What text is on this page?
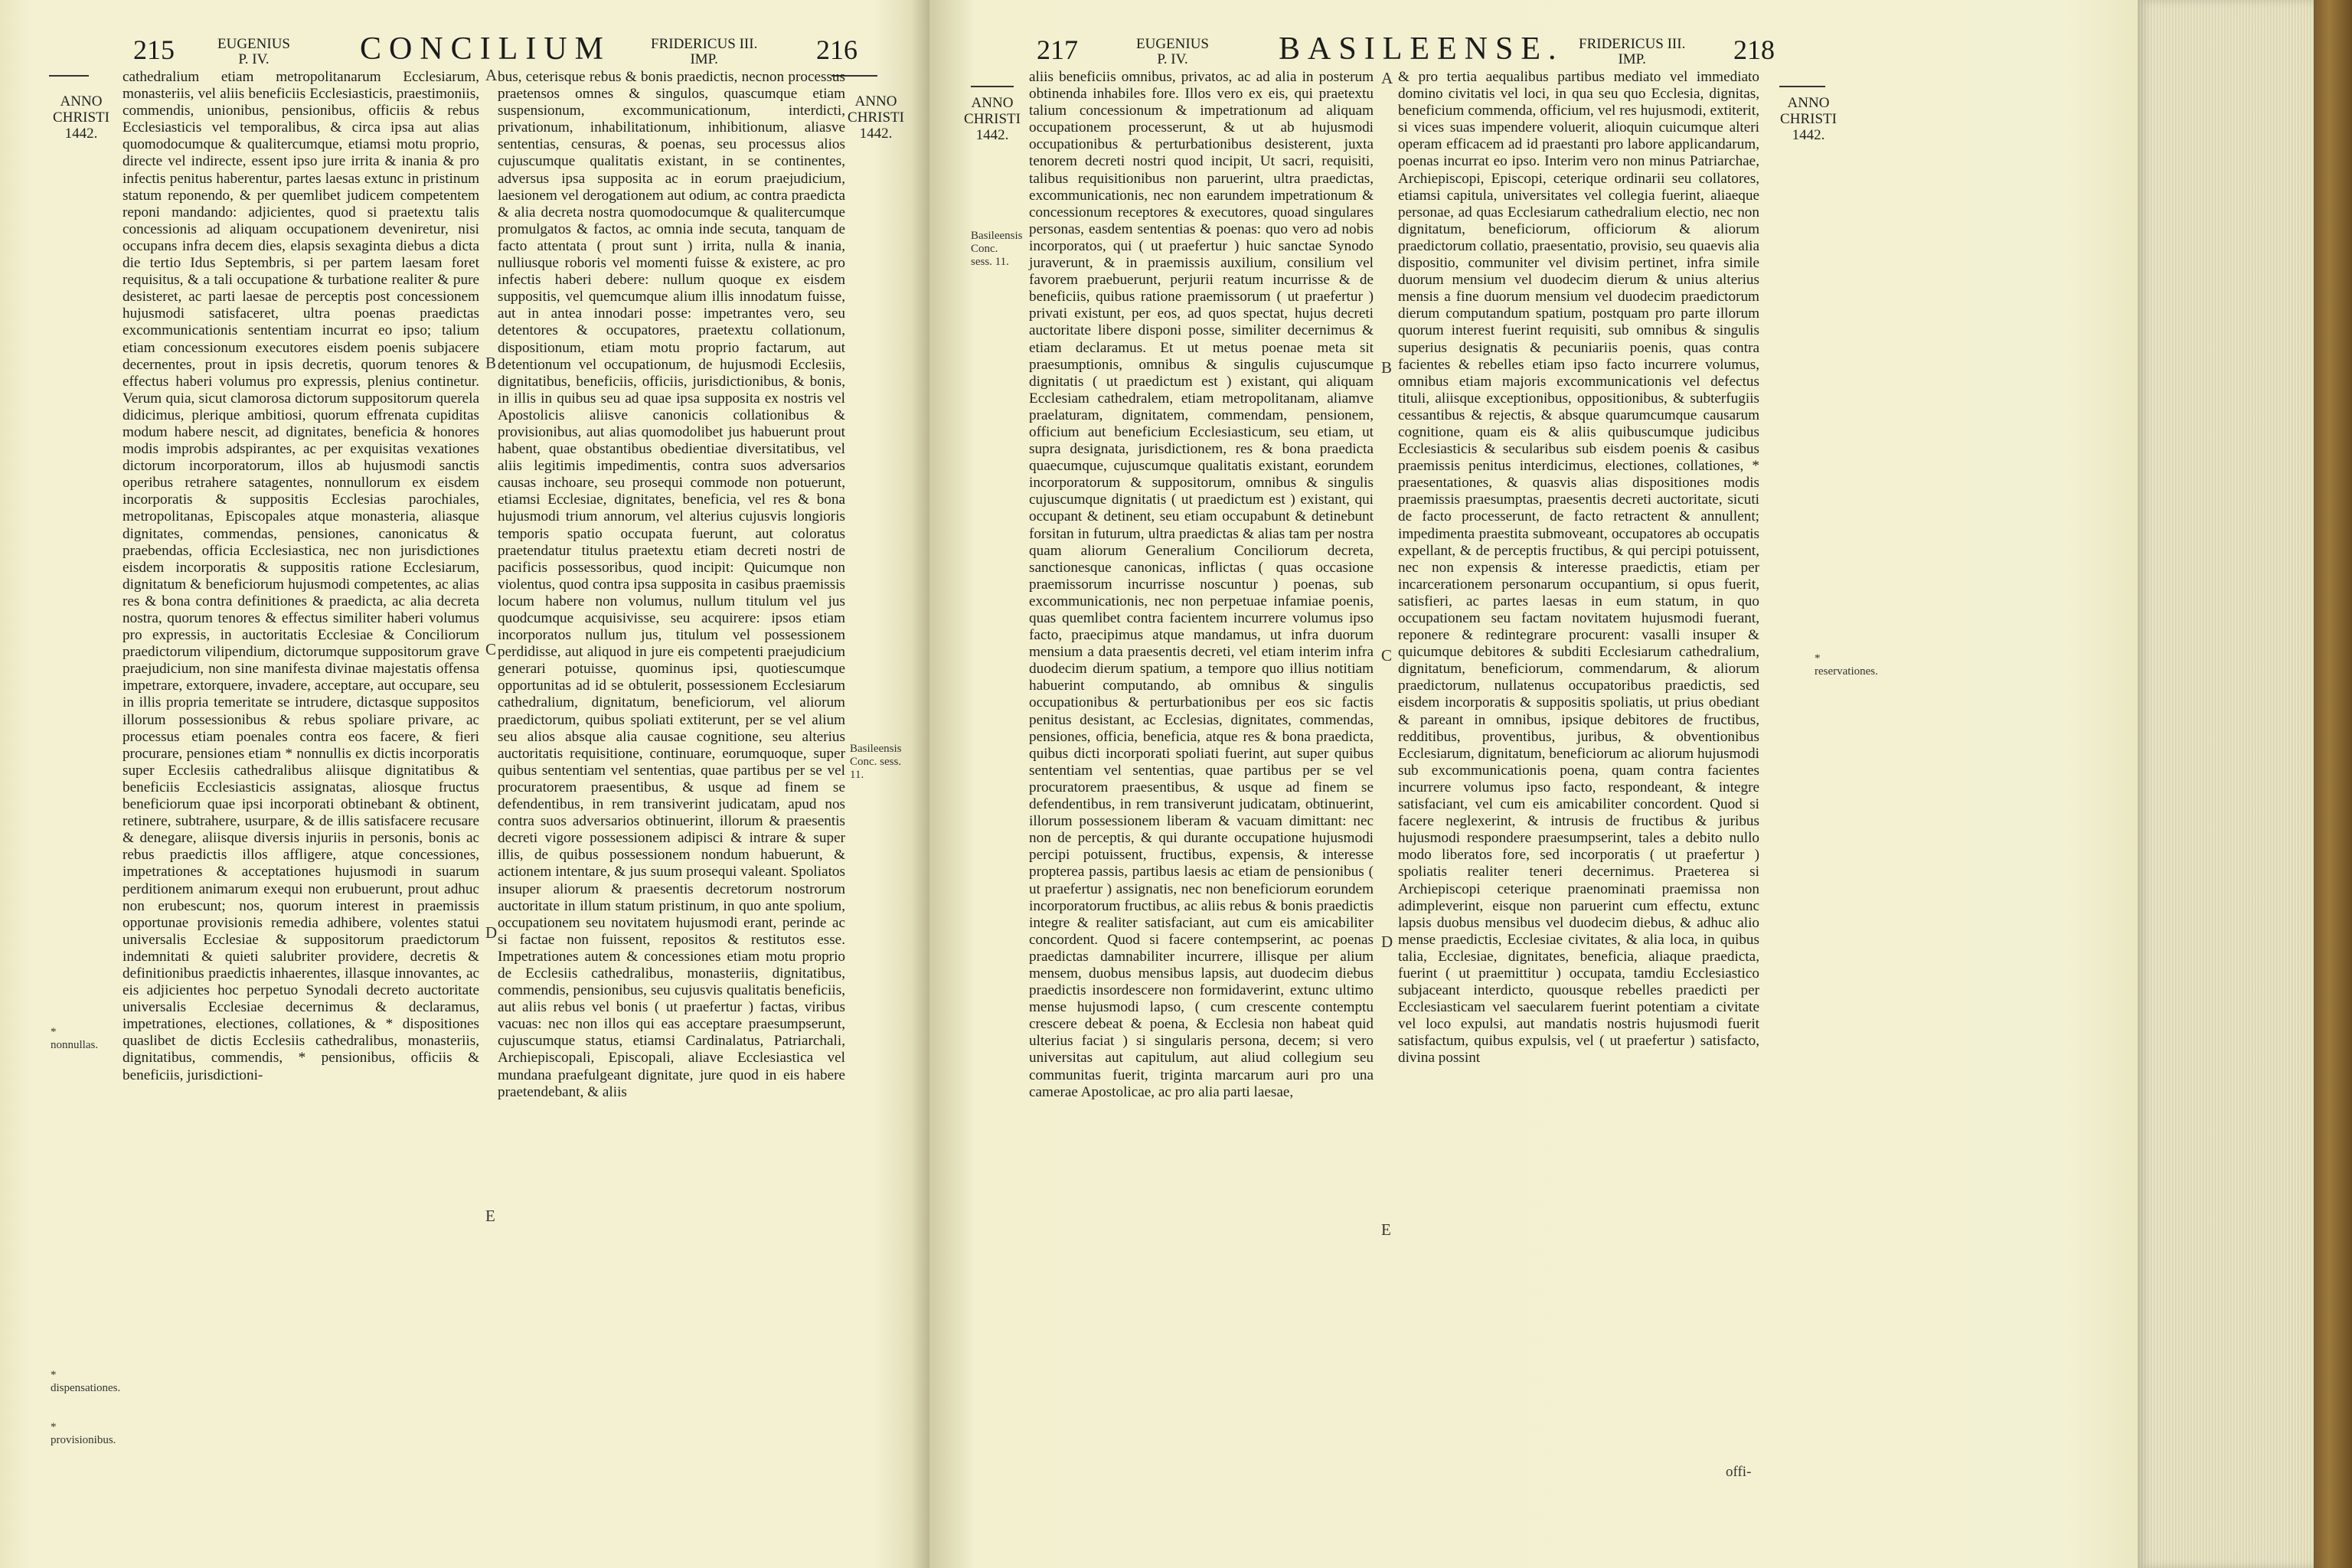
215	EUGENIUS
P. IV.	CONCILIUM	FRIDERICUS III.
IMP.	216
ANNO CHRISTI 1442.
ANNO CHRISTI 1442.
* nonnullas.
* dispensationes.
* provisionibus.
Basileensis Conc. sess. 11.
A
B
C
D
E

cathedralium etiam metropolitanarum Ecclesiarum, monasteriis, vel aliis beneficiis Ecclesiasticis, praestimoniis, commendis, unionibus, pensionibus, officiis & rebus Ecclesiasticis vel temporalibus, & circa ipsa aut alias quomodocumque & qualitercumque, etiamsi motu proprio, directe vel indirecte, essent ipso jure irrita & inania & pro infectis penitus haberentur, partes laesas extunc in pristinum statum reponendo, & per quemlibet judicem competentem reponi mandando: adjicientes, quod si praetextu talis concessionis ad aliquam occupationem deveniretur, nisi occupans infra decem dies, elapsis sexaginta diebus a dicta die tertio Idus Septembris, si per partem laesam foret requisitus, & a tali occupatione & turbatione realiter & pure desisteret, ac parti laesae de perceptis post concessionem hujusmodi satisfaceret, ultra poenas praedictas excommunicationis sententiam incurrat eo ipso; talium etiam concessionum executores eisdem poenis subjacere decernentes, prout in ipsis decretis, quorum tenores & effectus haberi volumus pro expressis, plenius continetur. Verum quia, sicut clamorosa dictorum suppositorum querela didicimus, plerique ambitiosi, quorum effrenata cupiditas modum habere nescit, ad dignitates, beneficia & honores modis improbis adspirantes, ac per exquisitas vexationes dictorum incorporatorum, illos ab hujusmodi sanctis operibus retrahere satagentes, nonnullorum ex eisdem incorporatis & suppositis Ecclesias parochiales, metropolitanas, Episcopales atque monasteria, aliasque dignitates, commendas, pensiones, canonicatus & praebendas, officia Ecclesiastica, nec non jurisdictiones eisdem incorporatis & suppositis ratione Ecclesiarum, dignitatum & beneficiorum hujusmodi competentes, ac alias res & bona contra definitiones & praedicta, ac alia decreta nostra, quorum tenores & effectus similiter haberi volumus pro expressis, in auctoritatis Ecclesiae & Conciliorum praedictorum vilipendium, dictorumque suppositorum grave praejudicium, non sine manifesta divinae majestatis offensa impetrare, extorquere, invadere, acceptare, aut occupare, seu in illis propria temeritate se intrudere, dictasque suppositos illorum possessionibus & rebus spoliare privare, ac processus etiam poenales contra eos facere, & fieri procurare, pensiones etiam * nonnullis ex dictis incorporatis super Ecclesiis cathedralibus aliisque dignitatibus & beneficiis Ecclesiasticis assignatas, aliosque fructus beneficiorum quae ipsi incorporati obtinebant & obtinent, retinere, subtrahere, usurpare, & de illis satisfacere recusare & denegare, aliisque diversis injuriis in personis, bonis ac rebus praedictis illos affligere, atque concessiones, impetrationes & acceptationes hujusmodi in suarum perditionem animarum exequi non erubuerunt, prout adhuc non erubescunt; nos, quorum interest in praemissis opportunae provisionis remedia adhibere, volentes statui universalis Ecclesiae & suppositorum praedictorum indemnitati & quieti salubriter providere, decretis & definitionibus praedictis inhaerentes, illasque innovantes, ac eis adjicientes hoc perpetuo Synodali decreto auctoritate universalis Ecclesiae decernimus & declaramus, impetrationes, electiones, collationes, & * dispositiones quaslibet de dictis Ecclesiis cathedralibus, monasteriis, dignitatibus, commendis, * pensionibus, officiis & beneficiis, jurisdictioni-

bus, ceterisque rebus & bonis praedictis, necnon processus praetensos omnes & singulos, quascumque etiam suspensionum, excommunicationum, interdicti, privationum, inhabilitationum, inhibitionum, aliasve sententias, censuras, & poenas, seu processus alios cujuscumque qualitatis existant, in se continentes, adversus ipsa supposita ac in eorum praejudicium, laesionem vel derogationem aut odium, ac contra praedicta & alia decreta nostra quomodocumque & qualitercumque promulgatos & factos, ac omnia inde secuta, tanquam de facto attentata ( prout sunt ) irrita, nulla & inania, nulliusque roboris vel momenti fuisse & existere, ac pro infectis haberi debere: nullum quoque ex eisdem suppositis, vel quemcumque alium illis innodatum fuisse, aut in antea innodari posse: impetrantes vero, seu detentores & occupatores, praetextu collationum, dispositionum, etiam motu proprio factarum, aut detentionum vel occupationum, de hujusmodi Ecclesiis, dignitatibus, beneficiis, officiis, jurisdictionibus, & bonis, in illis in quibus seu ad quae ipsa supposita ex nostris vel Apostolicis aliisve canonicis collationibus & provisionibus, aut alias quomodolibet jus habuerunt prout habent, quae obstantibus obedientiae diversitatibus, vel aliis legitimis impedimentis, contra suos adversarios causas inchoare, seu prosequi commode non potuerunt, etiamsi Ecclesiae, dignitates, beneficia, vel res & bona hujusmodi trium annorum, vel alterius cujusvis longioris temporis spatio occupata fuerunt, aut coloratus praetendatur titulus praetextu etiam decreti nostri de pacificis possessoribus, quod incipit: Quicumque non violentus, quod contra ipsa supposita in casibus praemissis locum habere non volumus, nullum titulum vel jus quodcumque acquisivisse, seu acquirere: ipsos etiam incorporatos nullum jus, titulum vel possessionem perdidisse, aut aliquod in jure eis competenti praejudicium generari potuisse, quominus ipsi, quotiescumque opportunitas ad id se obtulerit, possessionem Ecclesiarum cathedralium, dignitatum, beneficiorum, vel aliorum praedictorum, quibus spoliati extiterunt, per se vel alium seu alios absque alia causae cognitione, seu alterius auctoritatis requisitione, continuare, eorumquoque, super quibus sententiam vel sententias, quae partibus per se vel procuratorem praesentibus, & usque ad finem se defendentibus, in rem transiverint judicatam, apud nos contra suos adversarios obtinuerint, illorum & praesentis decreti vigore possessionem adipisci & intrare & super illis, de quibus possessionem nondum habuerunt, & actionem intentare, & jus suum prosequi valeant. Spoliatos insuper aliorum & praesentis decretorum nostrorum auctoritate in illum statum pristinum, in quo ante spolium, occupationem seu novitatem hujusmodi erant, perinde ac si factae non fuissent, repositos & restitutos esse. Impetrationes autem & concessiones etiam motu proprio de Ecclesiis cathedralibus, monasteriis, dignitatibus, commendis, pensionibus, seu cujusvis qualitatis beneficiis, aut aliis rebus vel bonis ( ut praefertur ) factas, viribus vacuas: nec non illos qui eas acceptare praesumpserunt, cujuscumque status, etiamsi Cardinalatus, Patriarchali, Archiepiscopali, Episcopali, aliave Ecclesiastica vel mundana praefulgeant dignitate, jure quod in eis habere praetendebant, & aliis

217	EUGENIUS
P. IV.	BASILEENSE. FRIDERICUS III.
IMP.	218
ANNO CHRISTI 1442.
ANNO CHRISTI 1442.
Basileensis Conc. sess. 11.
* reservationes.
A
B
C
D
E

aliis beneficiis omnibus, privatos, ac ad alia in posterum obtinenda inhabiles fore. Illos vero ex eis, qui praetextu talium concessionum & impetrationum ad aliquam occupationem processerunt, & ut ab hujusmodi occupationibus & perturbationibus desisterent, juxta tenorem decreti nostri quod incipit, Ut sacri, requisiti, talibus requisitionibus non paruerint, ultra praedictas, excommunicationis, nec non earundem impetrationum & concessionum receptores & executores, quoad singulares personas, easdem sententias & poenas: quo vero ad nobis incorporatos, qui ( ut praefertur ) huic sanctae Synodo juraverunt, & in praemissis auxilium, consilium vel favorem praebuerunt, perjurii reatum incurrisse & de beneficiis, quibus ratione praemissorum ( ut praefertur ) privati existunt, per eos, ad quos spectat, hujus decreti auctoritate libere disponi posse, similiter decernimus & etiam declaramus. Et ut metus poenae meta sit praesumptionis, omnibus & singulis cujuscumque dignitatis ( ut praedictum est ) existant, qui aliquam Ecclesiam cathedralem, etiam metropolitanam, aliamve praelaturam, dignitatem, commendam, pensionem, officium aut beneficium Ecclesiasticum, seu etiam, ut supra designata, jurisdictionem, res & bona praedicta quaecumque, cujuscumque qualitatis existant, eorundem incorporatorum & suppositorum, omnibus & singulis cujuscumque dignitatis ( ut praedictum est ) existant, qui occupant & detinent, seu etiam occupabunt & detinebunt forsitan in futurum, ultra praedictas & alias tam per nostra quam aliorum Generalium Conciliorum decreta, sanctionesque canonicas, inflictas ( quas occasione praemissorum incurrisse noscuntur ) poenas, sub excommunicationis, nec non perpetuae infamiae poenis, quas quemlibet contra facientem incurrere volumus ipso facto, praecipimus atque mandamus, ut infra duorum mensium a data praesentis decreti, vel etiam interim infra duodecim dierum spatium, a tempore quo illius notitiam habuerint computando, ab omnibus & singulis occupationibus & perturbationibus per eos sic factis penitus desistant, ac Ecclesias, dignitates, commendas, pensiones, officia, beneficia, atque res & bona praedicta, quibus dicti incorporati spoliati fuerint, aut super quibus sententiam vel sententias, quae partibus per se vel procuratorem praesentibus, & usque ad finem se defendentibus, in rem transiverunt judicatam, obtinuerint, illorum possessionem liberam & vacuam dimittant: nec non de perceptis, & qui durante occupatione hujusmodi percipi potuissent, fructibus, expensis, & interesse propterea passis, partibus laesis ac etiam de pensionibus ( ut praefertur ) assignatis, nec non beneficiorum eorundem incorporatorum fructibus, ac aliis rebus & bonis praedictis integre & realiter satisfaciant, aut cum eis amicabiliter concordent. Quod si facere contempserint, ac poenas praedictas damnabiliter incurrere, illisque per alium mensem, duobus mensibus lapsis, aut duodecim diebus praedictis insordescere non formidaverint, extunc ultimo mense hujusmodi lapso, ( cum crescente contemptu crescere debeat & poena, & Ecclesia non habeat quid ulterius faciat ) si singularis persona, decem; si vero universitas aut capitulum, aut aliud collegium seu communitas fuerit, triginta marcarum auri pro una camerae Apostolicae, ac pro alia parti laesae,

& pro tertia aequalibus partibus mediato vel immediato domino civitatis vel loci, in qua seu quo Ecclesia, dignitas, beneficium commenda, officium, vel res hujusmodi, extiterit, si vices suas impendere voluerit, alioquin cuicumque alteri operam efficacem ad id praestanti pro labore applicandarum, poenas incurrat eo ipso. Interim vero non minus Patriarchae, Archiepiscopi, Episcopi, ceterique ordinarii seu collatores, etiamsi capitula, universitates vel collegia fuerint, aliaeque personae, ad quas Ecclesiarum cathedralium electio, nec non dignitatum, beneficiorum, officiorum & aliorum praedictorum collatio, praesentatio, provisio, seu quaevis alia dispositio, communiter vel divisim pertinet, infra simile duorum mensium vel duodecim dierum & unius alterius mensis a fine duorum mensium vel duodecim praedictorum dierum computandum spatium, postquam pro parte illorum quorum interest fuerint requisiti, sub omnibus & singulis superius designatis & pecuniariis poenis, quas contra facientes & rebelles etiam ipso facto incurrere volumus, omnibus etiam majoris excommunicationis vel defectus tituli, aliisque exceptionibus, oppositionibus, & subterfugiis cessantibus & rejectis, & absque quarumcumque causarum cognitione, quam eis & aliis quibuscumque judicibus Ecclesiasticis & secularibus sub eisdem poenis & casibus praemissis penitus interdicimus, electiones, collationes, * praesentationes, & quasvis alias dispositiones modis praemissis praesumptas, praesentis decreti auctoritate, sicuti de facto processerunt, de facto retractent & annullent; impedimenta praestita submoveant, occupatores ab occupatis expellant, & de perceptis fructibus, & qui percipi potuissent, nec non expensis & interesse praedictis, etiam per incarcerationem personarum occupantium, si opus fuerit, satisfieri, ac partes laesas in eum statum, in quo occupationem seu factam novitatem hujusmodi fuerant, reponere & redintegrare procurent: vasalli insuper & quicumque debitores & subditi Ecclesiarum cathedralium, dignitatum, beneficiorum, commendarum, & aliorum praedictorum, nullatenus occupatoribus praedictis, sed eisdem incorporatis & suppositis spoliatis, ut prius obediant & pareant in omnibus, ipsique debitores de fructibus, redditibus, proventibus, juribus, & obventionibus Ecclesiarum, dignitatum, beneficiorum ac aliorum hujusmodi sub excommunicationis poena, quam contra facientes incurrere volumus ipso facto, respondeant, & integre satisfaciant, vel cum eis amicabiliter concordent. Quod si facere neglexerint, & intrusis de fructibus & juribus hujusmodi responderе praesumpserint, tales a debito nullo modo liberatos fore, sed incorporatis ( ut praefertur ) spoliatis realiter teneri decernimus. Praeterea si Archiepiscopi ceterique praenominati praemissa non adimpleverint, eisque non paruerint cum effectu, extunc lapsis duobus mensibus vel duodecim diebus, & adhuc alio mense praedictis, Ecclesiae civitates, & alia loca, in quibus talia, Ecclesiae, dignitates, beneficia, aliaque praedicta, fuerint ( ut praemittitur ) occupata, tamdiu Ecclesiastico subjaceant interdicto, quousque rebelles praedicti per Ecclesiasticam vel saecularem fuerint potentiam a civitate vel loco expulsi, aut mandatis nostris hujusmodi fuerit satisfactum, quibus expulsis, vel ( ut praefertur ) satisfacto, divina possint

offi-
